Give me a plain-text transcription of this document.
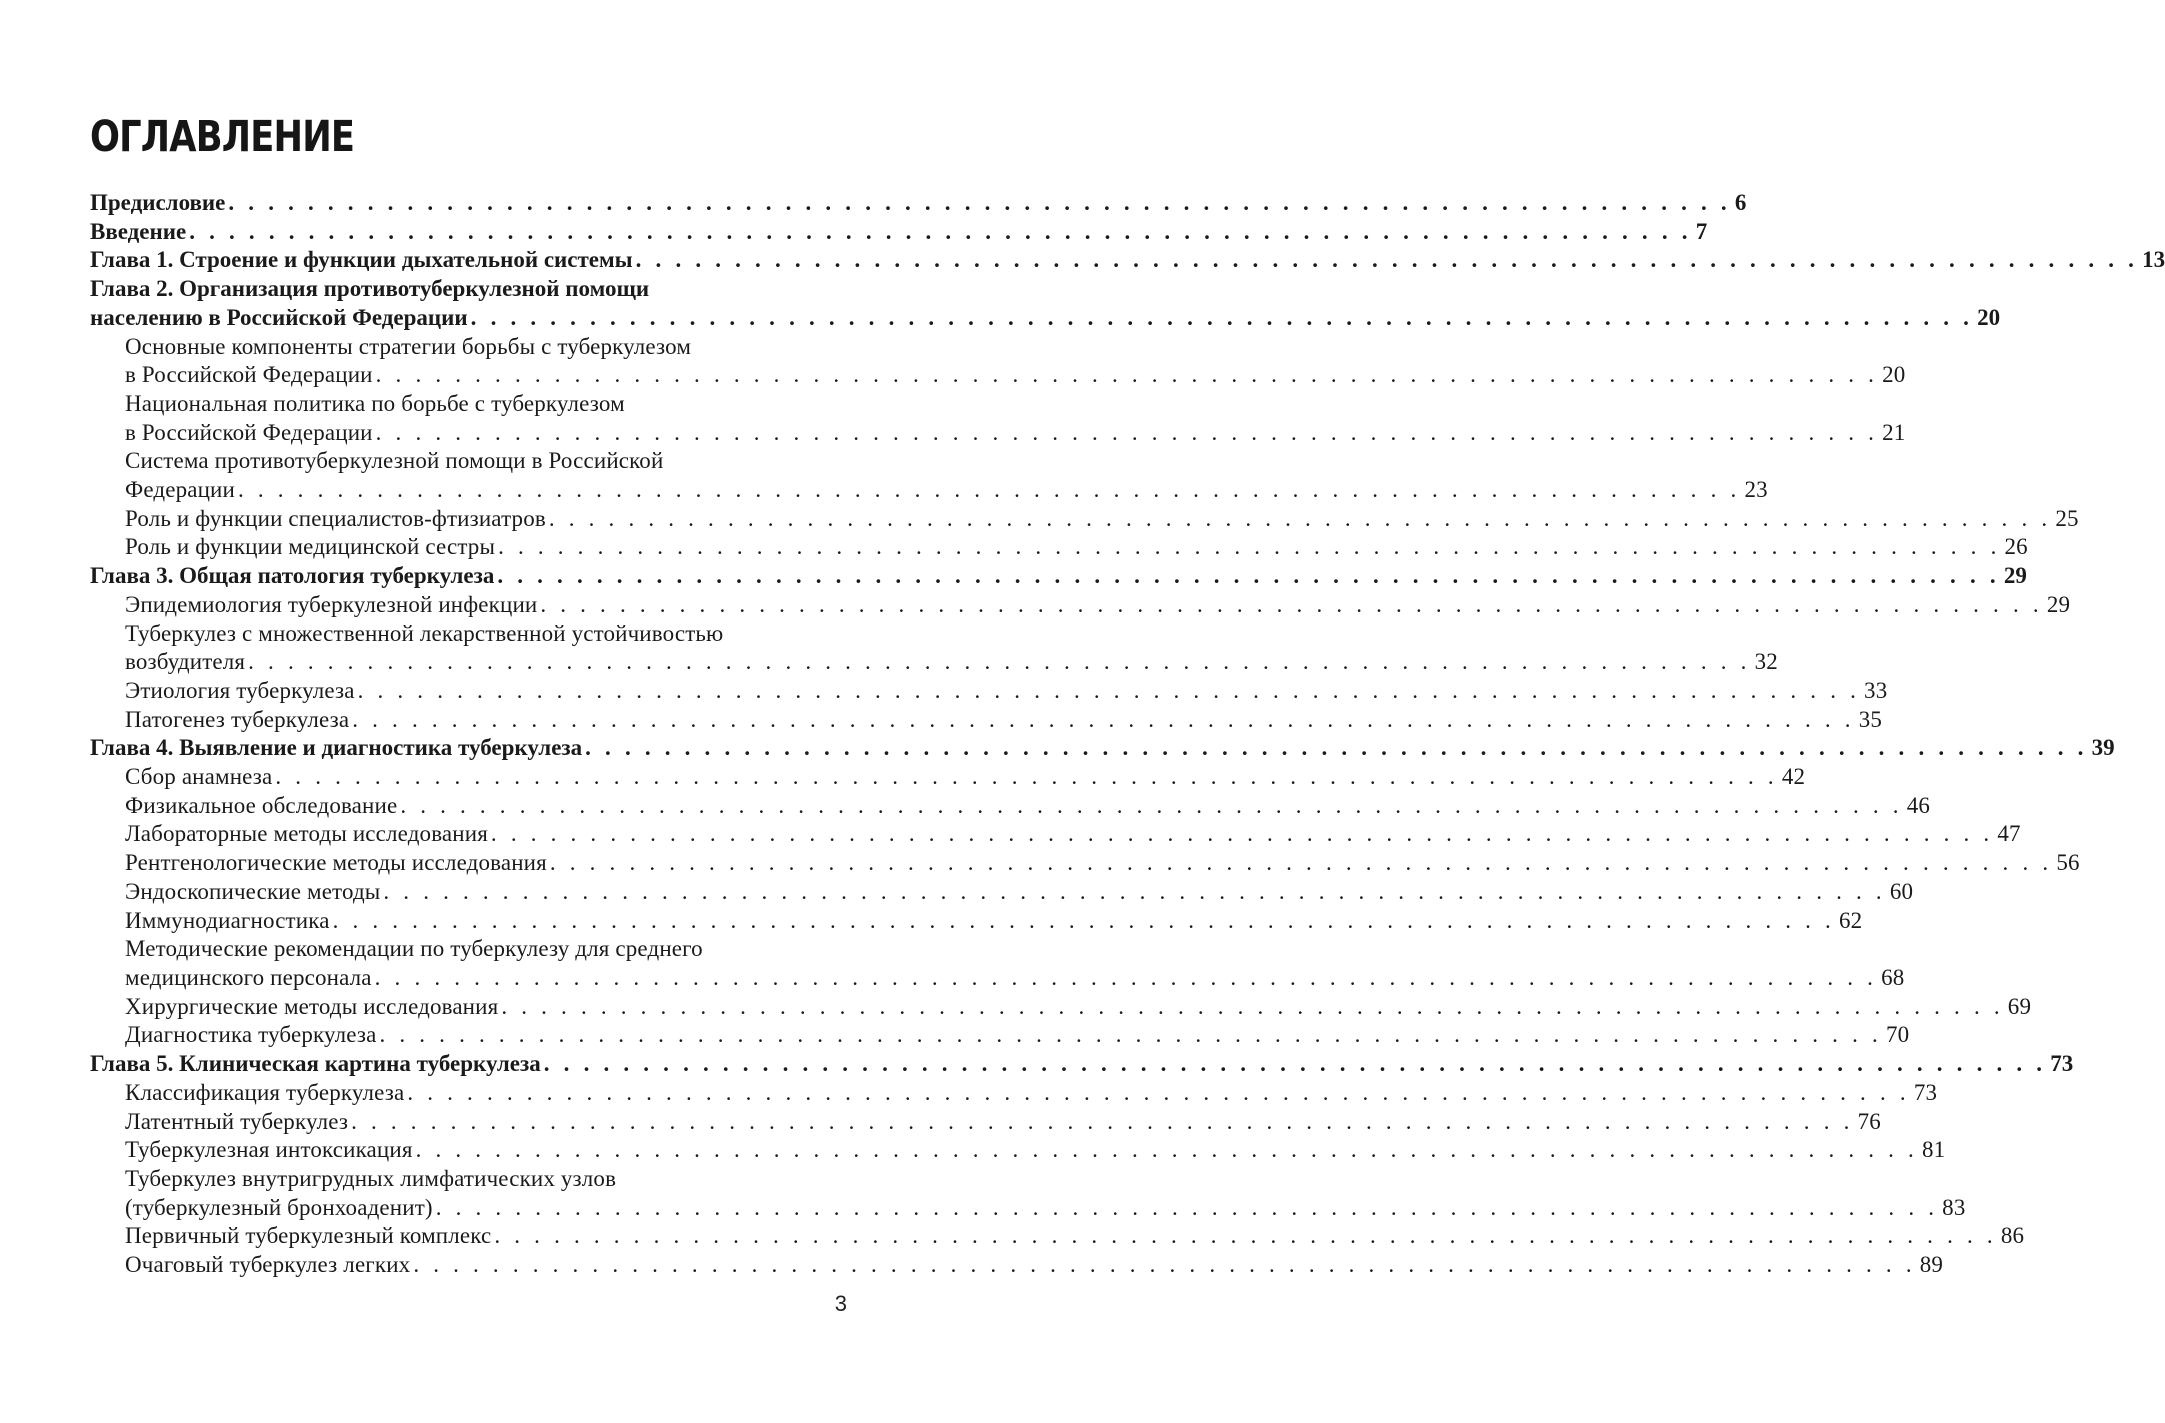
ОГЛАВЛЕНИЕ
Предисловие . . . . . . . . . . . . . . . . . . . . . . . . . . . . . . . . . . . . . . . . . . . . . . . . . . . . . . . . . . . . . . . . . . . . . . . . . . . . 6
Введение . . . . . . . . . . . . . . . . . . . . . . . . . . . . . . . . . . . . . . . . . . . . . . . . . . . . . . . . . . . . . . . . . . . . . . . . . . . . 7
Глава 1. Строение и функции дыхательной системы . . . . . . . . . . . . . . . . . . . . . . . . . . . . . . . . . . . . . . . . . . . . . . . . . . . . . . . . . . . . . . . . . . . . . . . . . . . . 13
Глава 2. Организация противотуберкулезной помощи
населению в Российской Федерации . . . . . . . . . . . . . . . . . . . . . . . . . . . . . . . . . . . . . . . . . . . . . . . . . . . . . . . . . . . . . . . . . . . . . . . . . . . . 20
Основные компоненты стратегии борьбы с туберкулезом
в Российской Федерации . . . . . . . . . . . . . . . . . . . . . . . . . . . . . . . . . . . . . . . . . . . . . . . . . . . . . . . . . . . . . . . . . . . . . . . . . . . . 20
Национальная политика по борьбе с туберкулезом
в Российской Федерации . . . . . . . . . . . . . . . . . . . . . . . . . . . . . . . . . . . . . . . . . . . . . . . . . . . . . . . . . . . . . . . . . . . . . . . . . . . . 21
Система противотуберкулезной помощи в Российской
Федерации . . . . . . . . . . . . . . . . . . . . . . . . . . . . . . . . . . . . . . . . . . . . . . . . . . . . . . . . . . . . . . . . . . . . . . . . . . . . 23
Роль и функции специалистов-фтизиатров . . . . . . . . . . . . . . . . . . . . . . . . . . . . . . . . . . . . . . . . . . . . . . . . . . . . . . . . . . . . . . . . . . . . . . . . . . . . 25
Роль и функции медицинской сестры . . . . . . . . . . . . . . . . . . . . . . . . . . . . . . . . . . . . . . . . . . . . . . . . . . . . . . . . . . . . . . . . . . . . . . . . . . . . 26
Глава 3. Общая патология туберкулеза . . . . . . . . . . . . . . . . . . . . . . . . . . . . . . . . . . . . . . . . . . . . . . . . . . . . . . . . . . . . . . . . . . . . . . . . . . . . 29
Эпидемиология туберкулезной инфекции . . . . . . . . . . . . . . . . . . . . . . . . . . . . . . . . . . . . . . . . . . . . . . . . . . . . . . . . . . . . . . . . . . . . . . . . . . . . 29
Туберкулез с множественной лекарственной устойчивостью
возбудителя . . . . . . . . . . . . . . . . . . . . . . . . . . . . . . . . . . . . . . . . . . . . . . . . . . . . . . . . . . . . . . . . . . . . . . . . . . . . 32
Этиология туберкулеза . . . . . . . . . . . . . . . . . . . . . . . . . . . . . . . . . . . . . . . . . . . . . . . . . . . . . . . . . . . . . . . . . . . . . . . . . . . . 33
Патогенез туберкулеза . . . . . . . . . . . . . . . . . . . . . . . . . . . . . . . . . . . . . . . . . . . . . . . . . . . . . . . . . . . . . . . . . . . . . . . . . . . . 35
Глава 4. Выявление и диагностика туберкулеза . . . . . . . . . . . . . . . . . . . . . . . . . . . . . . . . . . . . . . . . . . . . . . . . . . . . . . . . . . . . . . . . . . . . . . . . . . . . 39
Сбор анамнеза . . . . . . . . . . . . . . . . . . . . . . . . . . . . . . . . . . . . . . . . . . . . . . . . . . . . . . . . . . . . . . . . . . . . . . . . . . . . 42
Физикальное обследование . . . . . . . . . . . . . . . . . . . . . . . . . . . . . . . . . . . . . . . . . . . . . . . . . . . . . . . . . . . . . . . . . . . . . . . . . . . . 46
Лабораторные методы исследования . . . . . . . . . . . . . . . . . . . . . . . . . . . . . . . . . . . . . . . . . . . . . . . . . . . . . . . . . . . . . . . . . . . . . . . . . . . . 47
Рентгенологические методы исследования . . . . . . . . . . . . . . . . . . . . . . . . . . . . . . . . . . . . . . . . . . . . . . . . . . . . . . . . . . . . . . . . . . . . . . . . . . . . 56
Эндоскопические методы . . . . . . . . . . . . . . . . . . . . . . . . . . . . . . . . . . . . . . . . . . . . . . . . . . . . . . . . . . . . . . . . . . . . . . . . . . . . 60
Иммунодиагностика . . . . . . . . . . . . . . . . . . . . . . . . . . . . . . . . . . . . . . . . . . . . . . . . . . . . . . . . . . . . . . . . . . . . . . . . . . . . 62
Методические рекомендации по туберкулезу для среднего
медицинского персонала . . . . . . . . . . . . . . . . . . . . . . . . . . . . . . . . . . . . . . . . . . . . . . . . . . . . . . . . . . . . . . . . . . . . . . . . . . . . 68
Хирургические методы исследования . . . . . . . . . . . . . . . . . . . . . . . . . . . . . . . . . . . . . . . . . . . . . . . . . . . . . . . . . . . . . . . . . . . . . . . . . . . . 69
Диагностика туберкулеза . . . . . . . . . . . . . . . . . . . . . . . . . . . . . . . . . . . . . . . . . . . . . . . . . . . . . . . . . . . . . . . . . . . . . . . . . . . . 70
Глава 5. Клиническая картина туберкулеза . . . . . . . . . . . . . . . . . . . . . . . . . . . . . . . . . . . . . . . . . . . . . . . . . . . . . . . . . . . . . . . . . . . . . . . . . . . . 73
Классификация туберкулеза . . . . . . . . . . . . . . . . . . . . . . . . . . . . . . . . . . . . . . . . . . . . . . . . . . . . . . . . . . . . . . . . . . . . . . . . . . . . 73
Латентный туберкулез . . . . . . . . . . . . . . . . . . . . . . . . . . . . . . . . . . . . . . . . . . . . . . . . . . . . . . . . . . . . . . . . . . . . . . . . . . . . 76
Туберкулезная интоксикация . . . . . . . . . . . . . . . . . . . . . . . . . . . . . . . . . . . . . . . . . . . . . . . . . . . . . . . . . . . . . . . . . . . . . . . . . . . . 81
Туберкулез внутригрудных лимфатических узлов
(туберкулезный бронхоаденит) . . . . . . . . . . . . . . . . . . . . . . . . . . . . . . . . . . . . . . . . . . . . . . . . . . . . . . . . . . . . . . . . . . . . . . . . . . . . 83
Первичный туберкулезный комплекс . . . . . . . . . . . . . . . . . . . . . . . . . . . . . . . . . . . . . . . . . . . . . . . . . . . . . . . . . . . . . . . . . . . . . . . . . . . . 86
Очаговый туберкулез легких . . . . . . . . . . . . . . . . . . . . . . . . . . . . . . . . . . . . . . . . . . . . . . . . . . . . . . . . . . . . . . . . . . . . . . . . . . . . 89
3
